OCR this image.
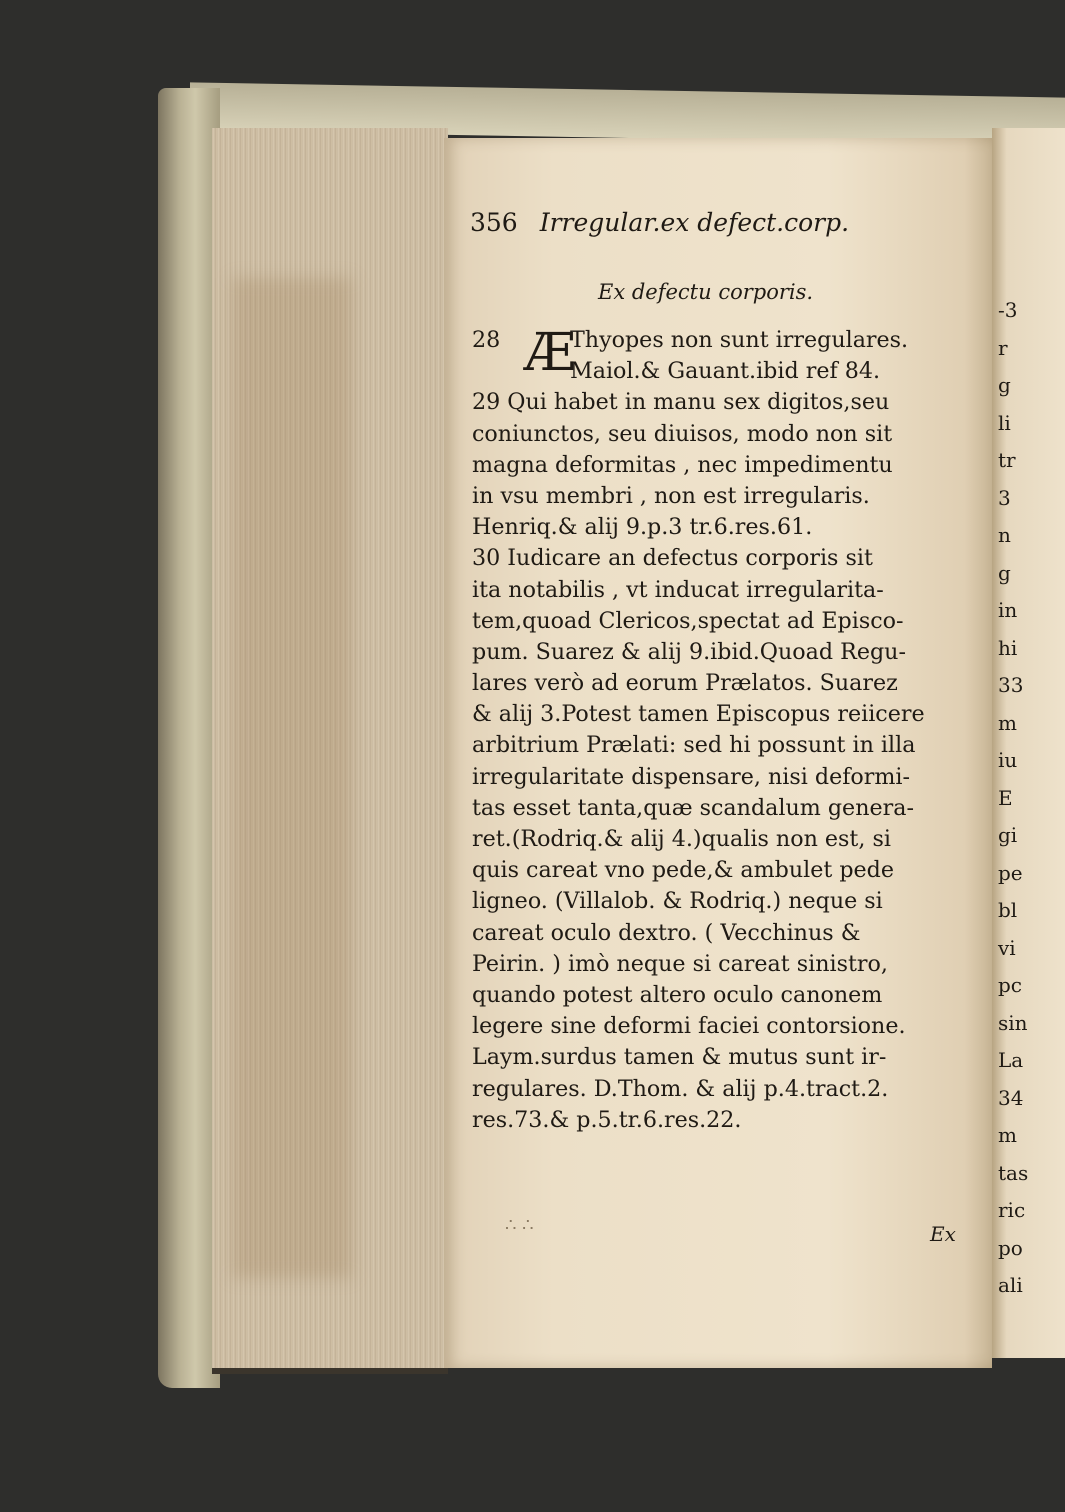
-3
r
g
li
tr
3
n
g
in
hi
33
m
iu
E
gi
pe
bl
vi
pc
sin
La
34
m
tas
ric
po
ali
356 Irregular.ex defect.corp.
Ex defectu corporis.
28 Æ
Thyopes non sunt irregulares.
Maiol.& Gauant.ibid ref 84.
29 Qui habet in manu sex digitos,seu
coniunctos, seu diuisos, modo non sit
magna deformitas , nec impedimentu
in vsu membri , non est irregularis.
Henriq.& alij 9.p.3 tr.6.res.61.
30 Iudicare an defectus corporis sit
ita notabilis , vt inducat irregularita-
tem,quoad Clericos,spectat ad Episco-
pum. Suarez & alij 9.ibid.Quoad Regu-
lares verò ad eorum Prælatos. Suarez
& alij 3.Potest tamen Episcopus reiicere
arbitrium Prælati: sed hi possunt in illa
irregularitate dispensare, nisi deformi-
tas esset tanta,quæ scandalum genera-
ret.(Rodriq.& alij 4.)qualis non est, si
quis careat vno pede,& ambulet pede
ligneo. (Villalob. & Rodriq.) neque si
careat oculo dextro. ( Vecchinus &
Peirin. ) imò neque si careat sinistro,
quando potest altero oculo canonem
legere sine deformi faciei contorsione.
Laym.surdus tamen & mutus sunt ir-
regulares. D.Thom. & alij p.4.tract.2.
res.73.& p.5.tr.6.res.22.
∴ ∴	Ex
